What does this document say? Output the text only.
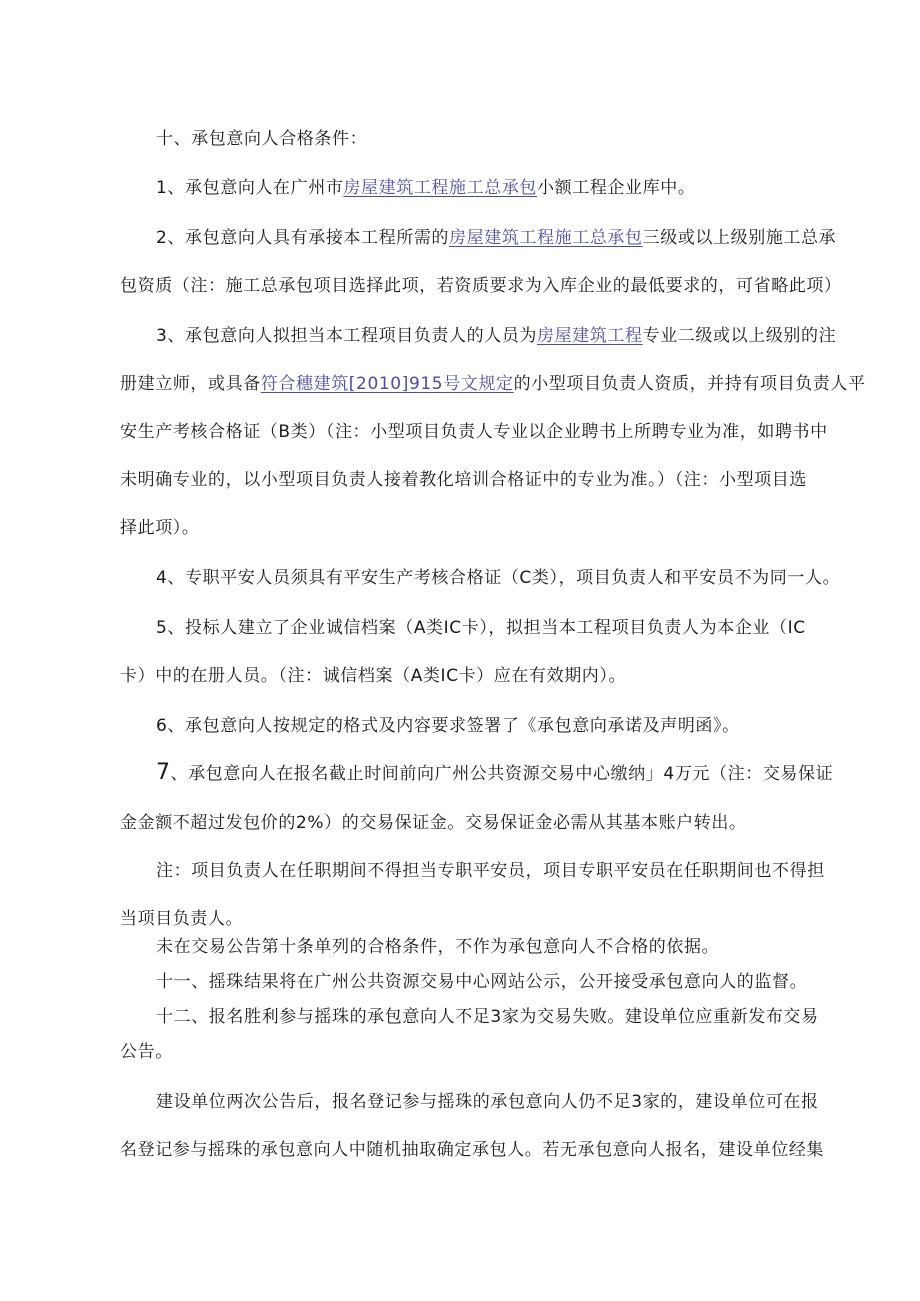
十、承包意向人合格条件：
1、承包意向人在广州市房屋建筑工程施工总承包小额工程企业库中。
2、承包意向人具有承接本工程所需的房屋建筑工程施工总承包三级或以上级别施工总承
包资质（注：施工总承包项目选择此项，若资质要求为入库企业的最低要求的，可省略此项）
3、承包意向人拟担当本工程项目负责人的人员为房屋建筑工程专业二级或以上级别的注
册建立师，或具备符合穗建筑[2010]915号文规定的小型项目负责人资质，并持有项目负责人平
安生产考核合格证（B类）（注：小型项目负责人专业以企业聘书上所聘专业为准，如聘书中
未明确专业的，以小型项目负责人接着教化培训合格证中的专业为准。）（注：小型项目选
择此项）。
4、专职平安人员须具有平安生产考核合格证（C类），项目负责人和平安员不为同一人。
5、投标人建立了企业诚信档案（A类IC卡），拟担当本工程项目负责人为本企业（IC
卡）中的在册人员。（注：诚信档案（A类IC卡）应在有效期内）。
6、承包意向人按规定的格式及内容要求签署了《承包意向承诺及声明函》。
7、承包意向人在报名截止时间前向广州公共资源交易中心缴纳」4万元（注：交易保证
金金额不超过发包价的2%）的交易保证金。交易保证金必需从其基本账户转出。
注：项目负责人在任职期间不得担当专职平安员，项目专职平安员在任职期间也不得担
当项目负责人。
未在交易公告第十条单列的合格条件，不作为承包意向人不合格的依据。
十一、摇珠结果将在广州公共资源交易中心网站公示，公开接受承包意向人的监督。
十二、报名胜利参与摇珠的承包意向人不足3家为交易失败。建设单位应重新发布交易
公告。
建设单位两次公告后，报名登记参与摇珠的承包意向人仍不足3家的，建设单位可在报
名登记参与摇珠的承包意向人中随机抽取确定承包人。若无承包意向人报名，建设单位经集
